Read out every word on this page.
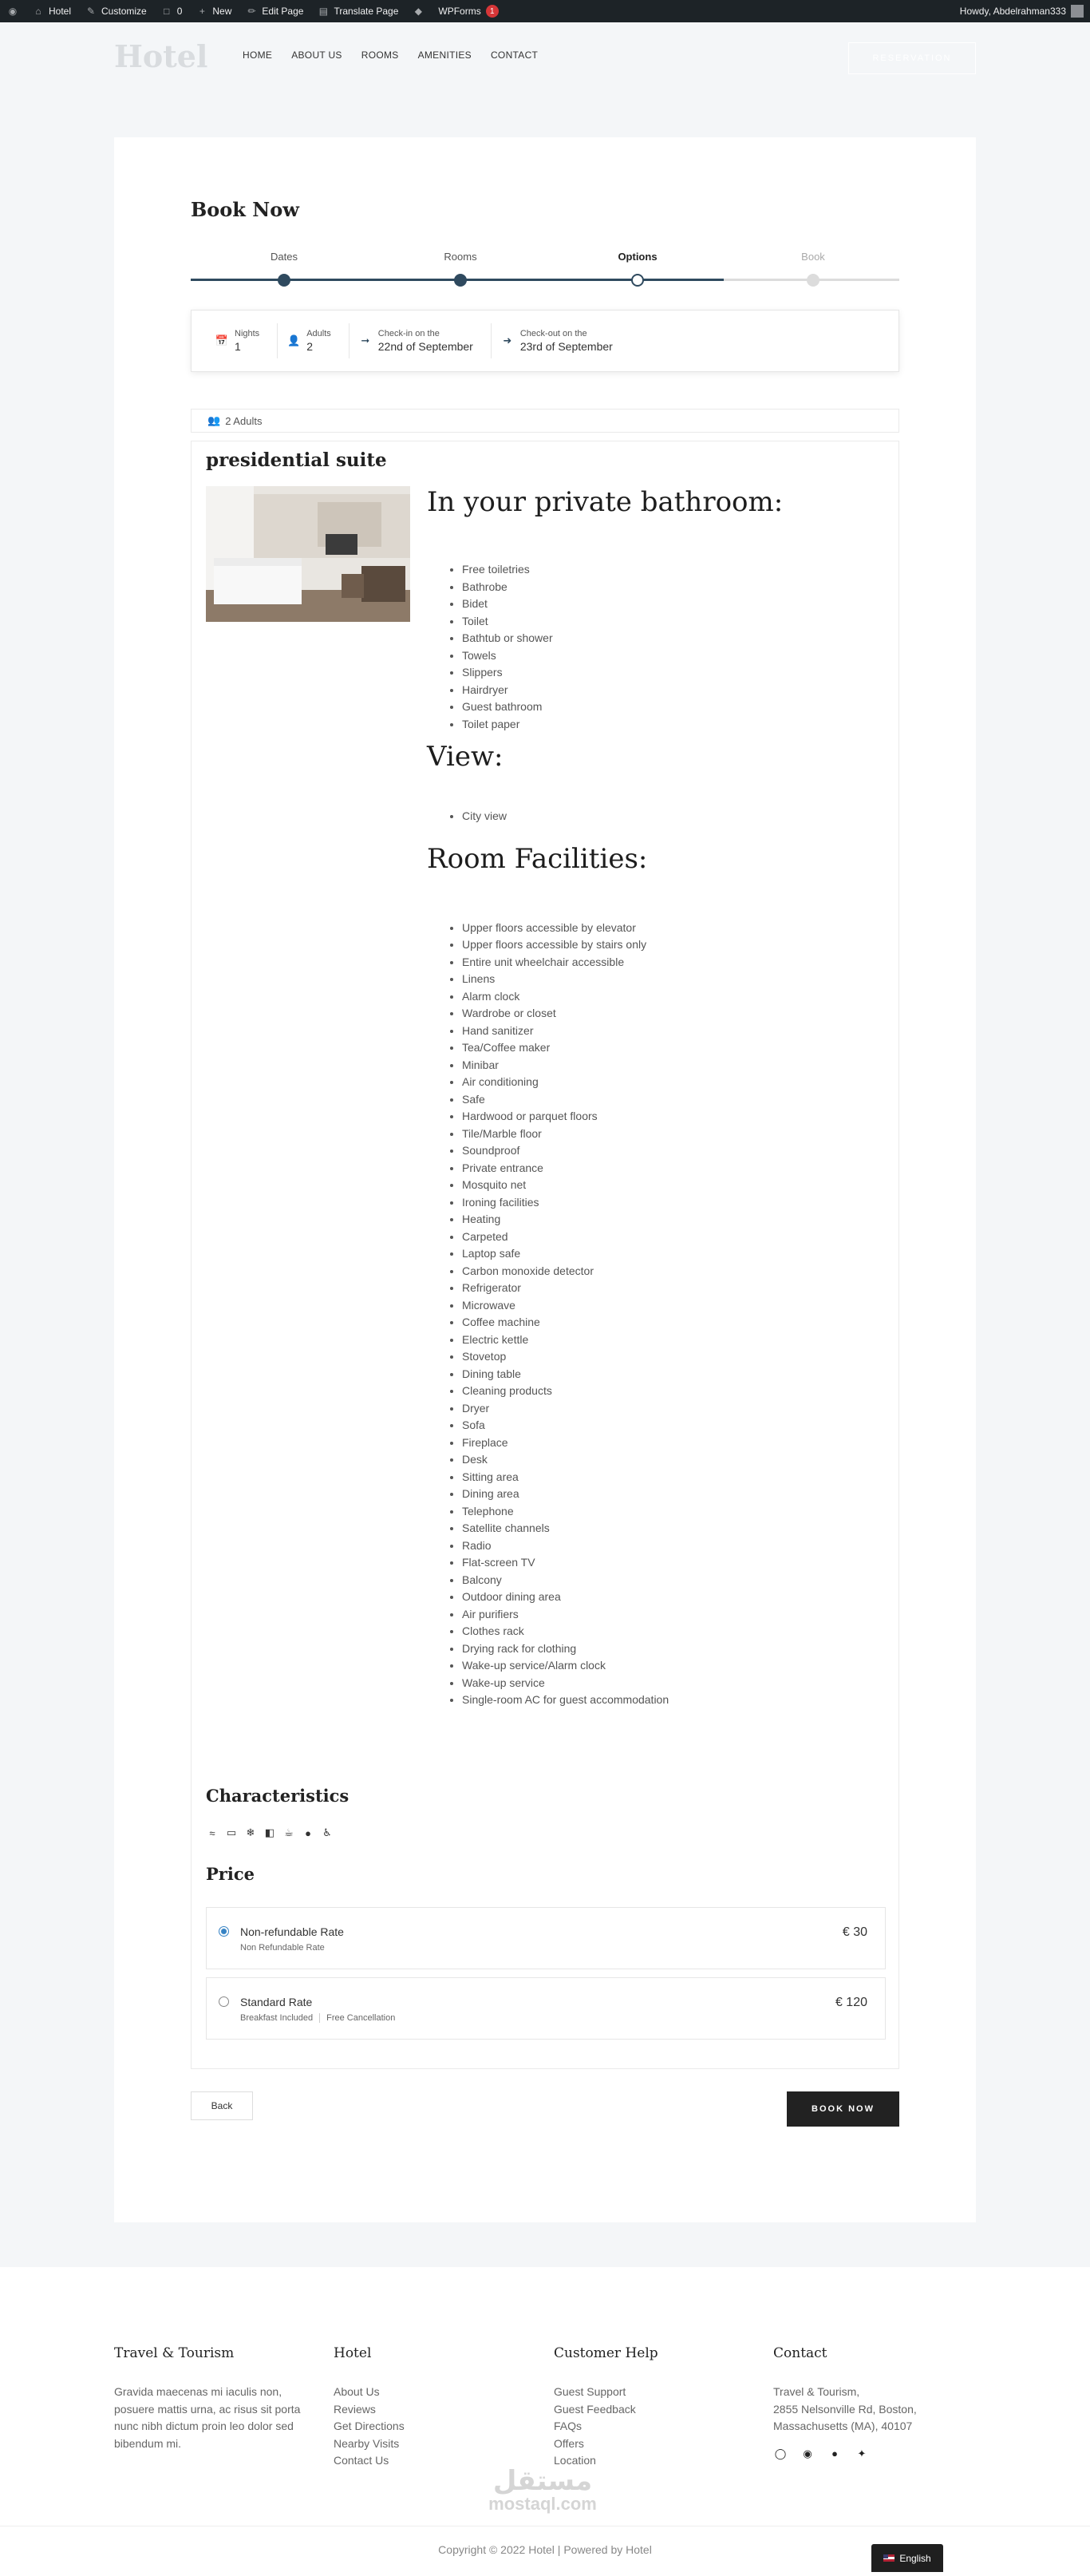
◉ ⌂ Hotel ✎ Customize □ 0 + New ✏ Edit Page ▤ Translate Page ◆ WPForms	1	Howdy, Abdelrahman333
Hotel	HOME ABOUT US ROOMS AMENITIES CONTACT	RESERVATION
Book Now
Dates	Rooms	Options	Book
📅
Nights
1	👤
Adults
2	➞
Check-in on the
22nd of September	➜
Check-out on the
23rd of September
👥 2 Adults
presidential suite
In your private bathroom:
• Free toiletries
• Bathrobe
• Bidet
• Toilet
• Bathtub or shower
• Towels
• Slippers
• Hairdryer
• Guest bathroom
• Toilet paper
View:
• City view
Room Facilities:
• Upper floors accessible by elevator
• Upper floors accessible by stairs only
• Entire unit wheelchair accessible
• Linens
• Alarm clock
• Wardrobe or closet
• Hand sanitizer
• Tea/Coffee maker
• Minibar
• Air conditioning
• Safe
• Hardwood or parquet floors
• Tile/Marble floor
• Soundproof
• Private entrance
• Mosquito net
• Ironing facilities
• Heating
• Carpeted
• Laptop safe
• Carbon monoxide detector
• Refrigerator
• Microwave
• Coffee machine
• Electric kettle
• Stovetop
• Dining table
• Cleaning products
• Dryer
• Sofa
• Fireplace
• Desk
• Sitting area
• Dining area
• Telephone
• Satellite channels
• Radio
• Flat-screen TV
• Balcony
• Outdoor dining area
• Air purifiers
• Clothes rack
• Drying rack for clothing
• Wake-up service/Alarm clock
• Wake-up service
• Single-room AC for guest accommodation
Characteristics
≈	▭ ❄ ◧ ☕	●	♿
Price
Non-refundable Rate
Non Refundable Rate
€ 30
Standard Rate
Breakfast Included Free Cancellation
€ 120
Back	BOOK NOW
Travel & Tourism

Gravida maecenas mi iaculis non, posuere mattis urna, ac risus sit porta nunc nibh dictum proin leo dolor sed bibendum mi.

Hotel
About Us
Reviews
Get Directions
Nearby Visits
Contact Us
Customer Help
Guest Support
Guest Feedback
FAQs
Offers
Location
Contact

Travel & Tourism,

2855 Nelsonville Rd, Boston,

Massachusetts (MA), 40107

◯ ◉	●	✦
مستقل
mostaql.com
Copyright © 2022 Hotel | Powered by Hotel
English
